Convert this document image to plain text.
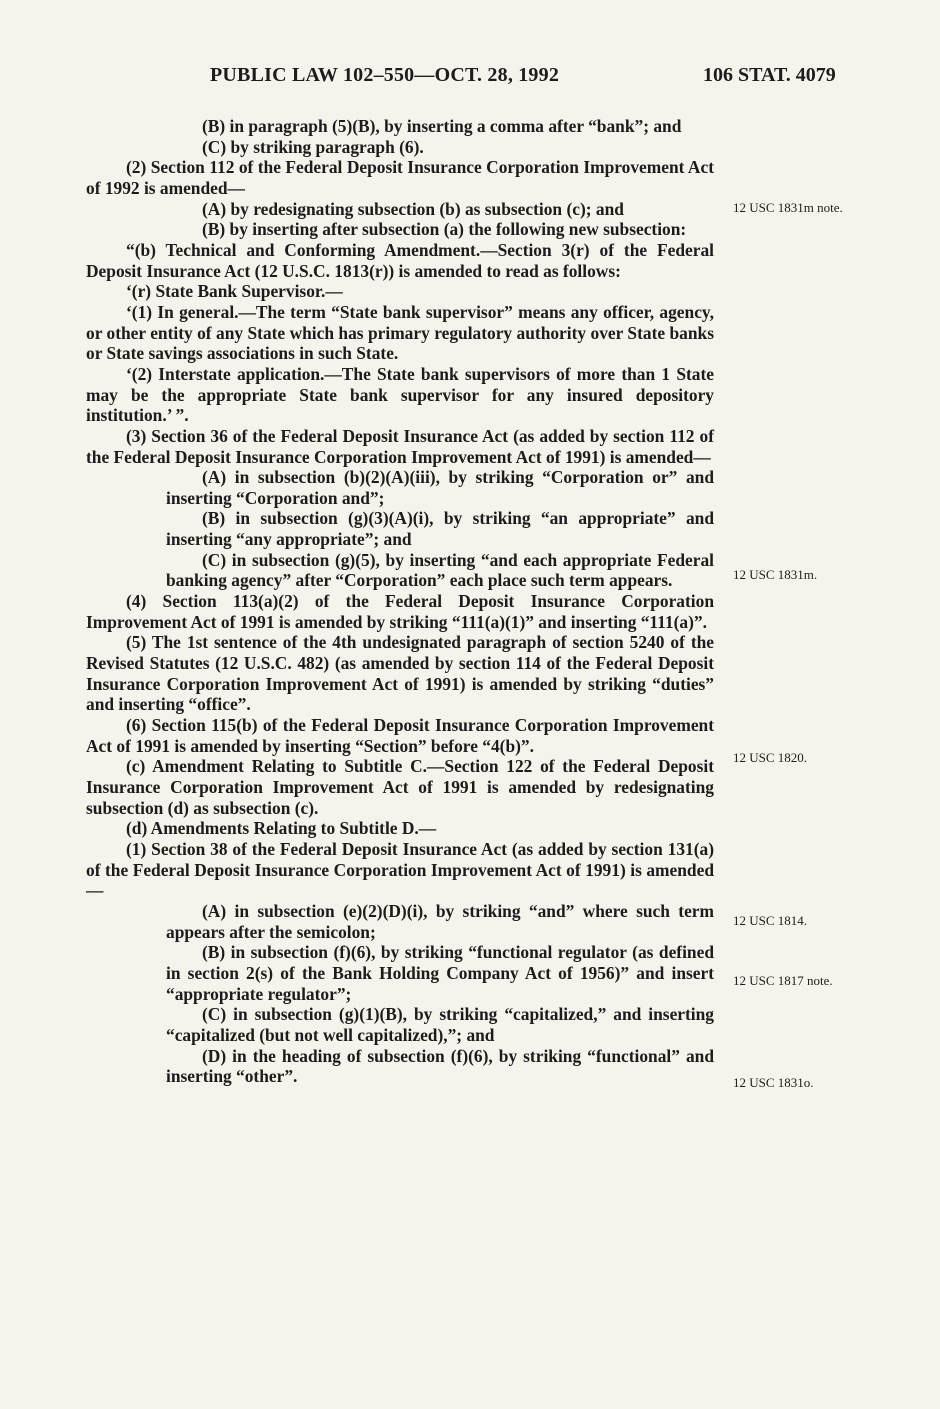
PUBLIC LAW 102–550—OCT. 28, 1992	106 STAT. 4079

(B) in paragraph (5)(B), by inserting a comma after “bank”; and

(C) by striking paragraph (6).

(2) Section 112 of the Federal Deposit Insurance Corporation Improvement Act of 1992 is amended—

(A) by redesignating subsection (b) as subsection (c); and

(B) by inserting after subsection (a) the following new subsection:

“(b) Technical and Conforming Amendment.—Section 3(r) of the Federal Deposit Insurance Act (12 U.S.C. 1813(r)) is amended to read as follows:

‘(r) State Bank Supervisor.—

‘(1) In general.—The term “State bank supervisor” means any officer, agency, or other entity of any State which has primary regulatory authority over State banks or State savings associations in such State.

‘(2) Interstate application.—The State bank supervisors of more than 1 State may be the appropriate State bank supervisor for any insured depository institution.’ ”.

(3) Section 36 of the Federal Deposit Insurance Act (as added by section 112 of the Federal Deposit Insurance Corporation Improvement Act of 1991) is amended—

(A) in subsection (b)(2)(A)(iii), by striking “Corporation or” and inserting “Corporation and”;

(B) in subsection (g)(3)(A)(i), by striking “an appropriate” and inserting “any appropriate”; and

(C) in subsection (g)(5), by inserting “and each appropriate Federal banking agency” after “Corporation” each place such term appears.

(4) Section 113(a)(2) of the Federal Deposit Insurance Corporation Improvement Act of 1991 is amended by striking “111(a)(1)” and inserting “111(a)”.

(5) The 1st sentence of the 4th undesignated paragraph of section 5240 of the Revised Statutes (12 U.S.C. 482) (as amended by section 114 of the Federal Deposit Insurance Corporation Improvement Act of 1991) is amended by striking “duties” and inserting “office”.

(6) Section 115(b) of the Federal Deposit Insurance Corporation Improvement Act of 1991 is amended by inserting “Section” before “4(b)”.

(c) Amendment Relating to Subtitle C.—Section 122 of the Federal Deposit Insurance Corporation Improvement Act of 1991 is amended by redesignating subsection (d) as subsection (c).

(d) Amendments Relating to Subtitle D.—

(1) Section 38 of the Federal Deposit Insurance Act (as added by section 131(a) of the Federal Deposit Insurance Corporation Improvement Act of 1991) is amended—

(A) in subsection (e)(2)(D)(i), by striking “and” where such term appears after the semicolon;

(B) in subsection (f)(6), by striking “functional regulator (as defined in section 2(s) of the Bank Holding Company Act of 1956)” and insert “appropriate regulator”;

(C) in subsection (g)(1)(B), by striking “capitalized,” and inserting “capitalized (but not well capitalized),”; and

(D) in the heading of subsection (f)(6), by striking “functional” and inserting “other”.

12 USC 1831m note.
12 USC 1831m.
12 USC 1820.
12 USC 1814.
12 USC 1817 note.
12 USC 1831o.
